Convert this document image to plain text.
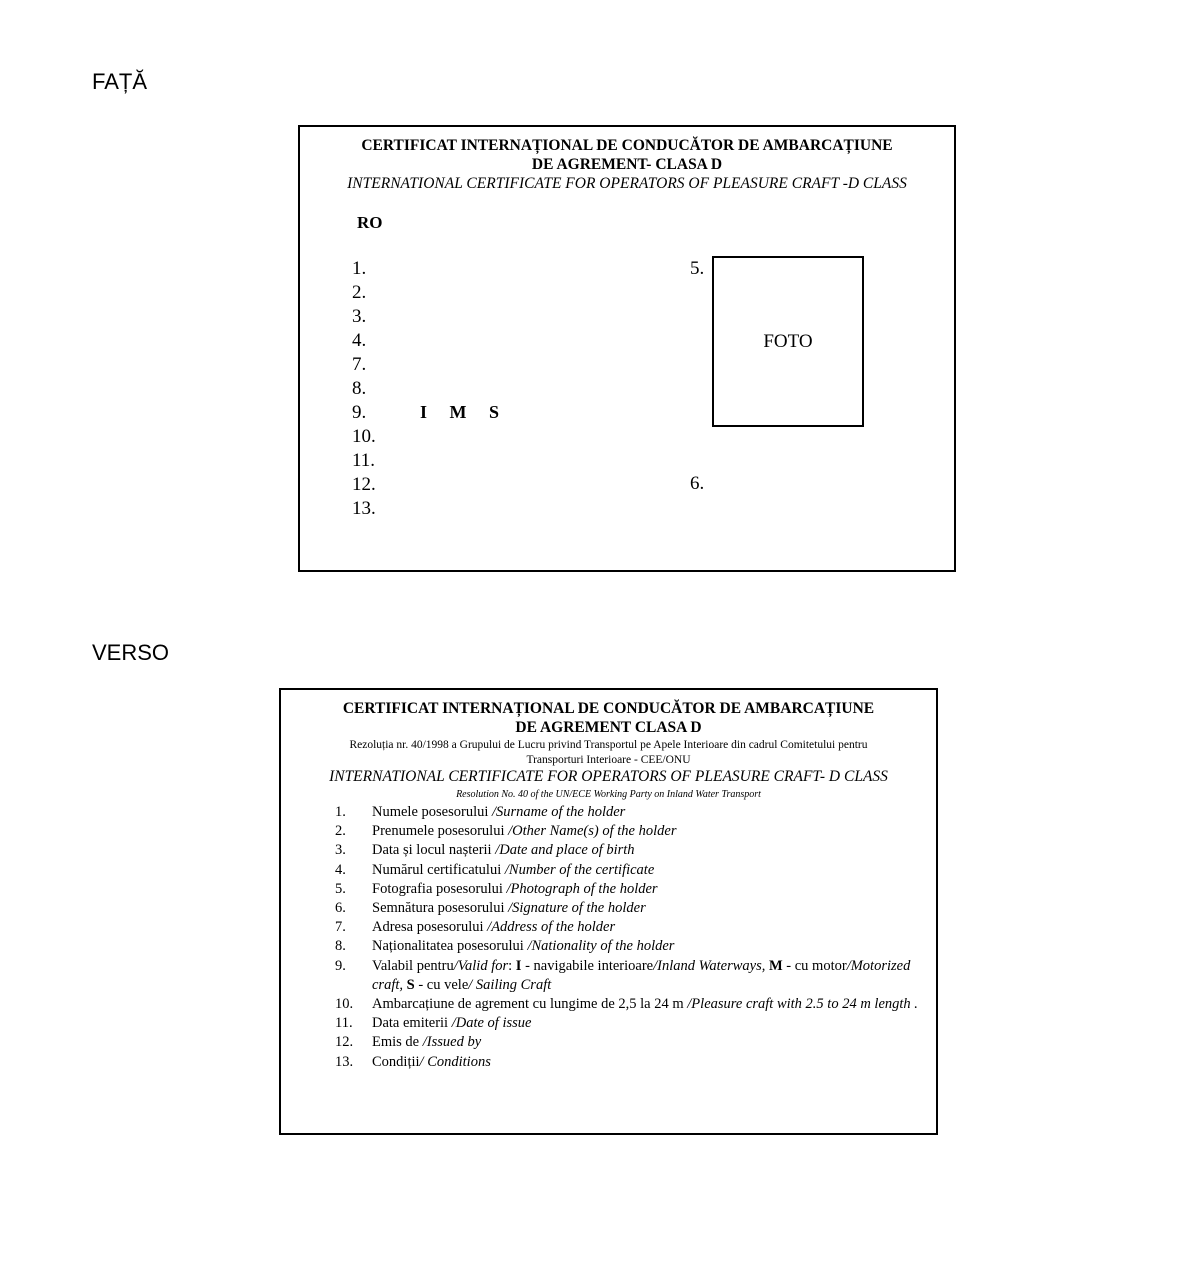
FAȚĂ
CERTIFICAT INTERNAȚIONAL DE CONDUCĂTOR DE AMBARCAȚIUNE
DE AGREMENT- CLASA D
INTERNATIONAL CERTIFICATE FOR OPERATORS OF PLEASURE CRAFT -D CLASS
RO
1.
2.
3.
4.
7.
8.
9.
10.
11.
12.
13.
I M S
5.
FOTO
6.
VERSO
CERTIFICAT INTERNAȚIONAL DE CONDUCĂTOR DE AMBARCAȚIUNE
DE AGREMENT CLASA D
Rezoluția nr. 40/1998 a Grupului de Lucru privind Transportul pe Apele Interioare din cadrul Comitetului pentru
Transporturi Interioare - CEE/ONU
INTERNATIONAL CERTIFICATE FOR OPERATORS OF PLEASURE CRAFT- D CLASS
Resolution No. 40 of the UN/ECE Working Party on Inland Water Transport
1. Numele posesorului /Surname of the holder
2. Prenumele posesorului /Other Name(s) of the holder
3. Data și locul nașterii /Date and place of birth
4. Numărul certificatului /Number of the certificate
5. Fotografia posesorului /Photograph of the holder
6. Semnătura posesorului /Signature of the holder
7. Adresa posesorului /Address of the holder
8. Naționalitatea posesorului /Nationality of the holder
9. Valabil pentru/Valid for: I - navigabile interioare/Inland Waterways, M - cu motor/Motorized craft, S - cu vele/ Sailing Craft
10. Ambarcațiune de agrement cu lungime de 2,5 la 24 m /Pleasure craft with 2.5 to 24 m length .
11. Data emiterii /Date of issue
12. Emis de /Issued by
13. Condiții/ Conditions
